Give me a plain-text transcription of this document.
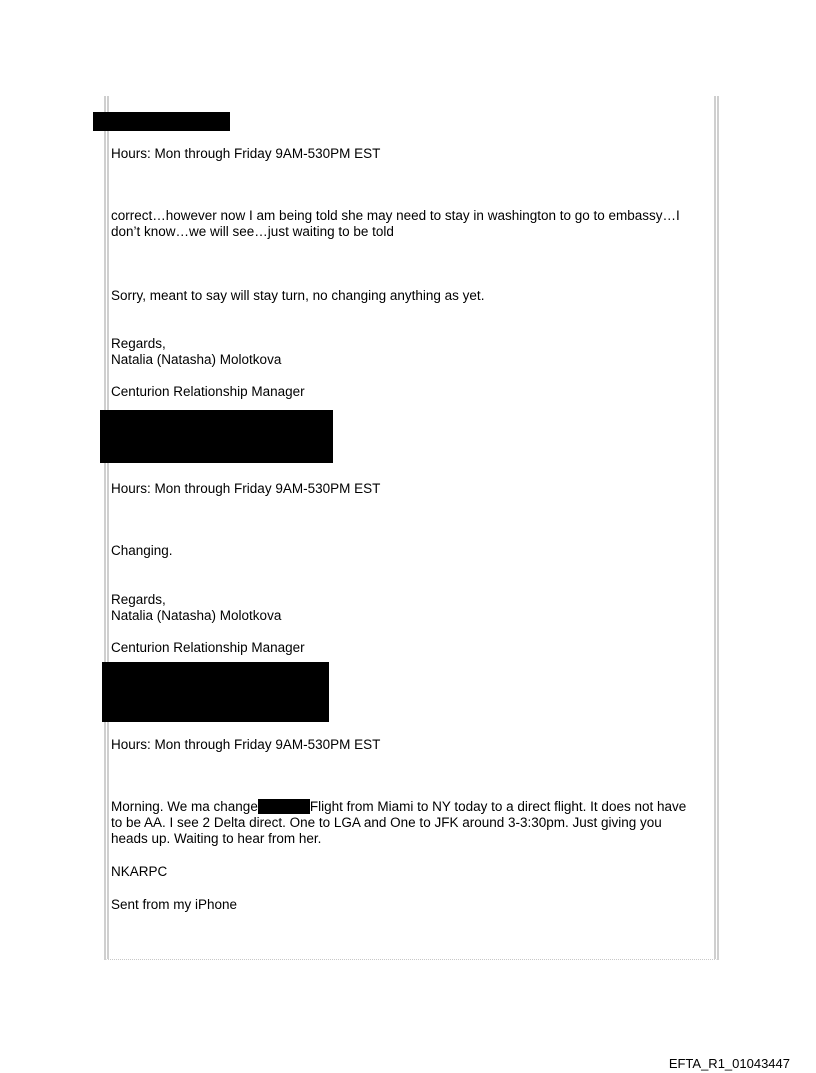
Hours: Mon through Friday 9AM-530PM EST
correct…however now I am being told she may need to stay in washington to go to embassy…I
don’t know…we will see…just waiting to be told
Sorry, meant to say will stay turn, no changing anything as yet.
Regards,
Natalia (Natasha) Molotkova
Centurion Relationship Manager
Hours: Mon through Friday 9AM-530PM EST
Changing.
Regards,
Natalia (Natasha) Molotkova
Centurion Relationship Manager
Hours: Mon through Friday 9AM-530PM EST
Morning. We ma change	Flight from Miami to NY today to a direct flight. It does not have
to be AA. I see 2 Delta direct. One to LGA and One to JFK around 3-3:30pm. Just giving you
heads up. Waiting to hear from her.
NKARPC
Sent from my iPhone
EFTA_R1_01043447
